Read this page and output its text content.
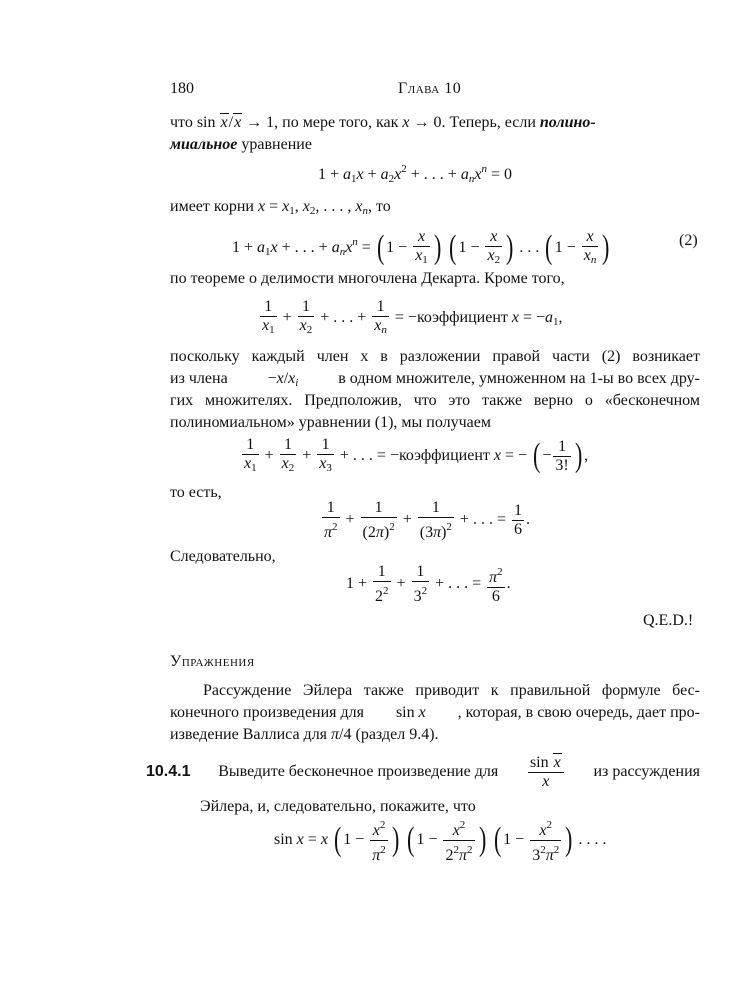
180	Глава 10
что sin x/x → 1, по мере того, как x → 0. Теперь, если полино-
миальное уравнение
$1 + a_1x + a_2x^2$ + . . . + $a_nx^n = 0$
имеет корни $x = x_1$, $x_2$, . . . , $x_n$, то
$1 + a_1x$ + . . . + $a_nx^n$ = ( $1 - \frac{x}{x_1}$ ) ( $1 - \frac{x}{x_2}$ ) . . . ( $1 - \frac{x}{x_n}$ )	(2)
по теореме о делимости многочлена Декарта. Кроме того,
$\frac{1}{x_1} + \frac{1}{x_2}$ + . . . + $\frac{1}{x_n}$ = −коэффициент $x = -a_1$,
поскольку каждый член x в разложении правой части (2) возникает
из члена $-x/x_i$ в одном множителе, умноженном на 1-ы во всех дру-
гих множителях. Предположив, что это также верно о «бесконечном
полиномиальном» уравнении (1), мы получаем
$\frac{1}{x_1} + \frac{1}{x_2} + \frac{1}{x_3}$ + . . . = −коэффициент x = − ( − $\frac{1}{3!}$ ) ,
то есть,
$\frac{1}{\pi^2} + \frac{1}{(2\pi)^2} + \frac{1}{(3\pi)^2}$ + . . . = $\frac{1}{6}$ .
Следовательно,
$1 + \frac{1}{2^2} + \frac{1}{3^2}$ + . . . = $\frac{\pi^2}{6}$ .
Q.E.D.!
Упражнения
Рассуждение Эйлера также приводит к правильной формуле бес-
конечного произведения для sin x , которая, в свою очередь, дает про-
изведение Валлиса для π/4 (раздел 9.4).
10.4.1 Выведите бесконечное произведение для $\frac{\text{sin x}}{x}$ из рассуждения
Эйлера, и, следовательно, покажите, что
sin x = x ( $1 - \frac{x^2}{\pi^2}$ ) ( $1 - \frac{x^2}{2^2\pi^2}$ ) ( $1 - \frac{x^2}{3^2\pi^2}$ ) . . . .
